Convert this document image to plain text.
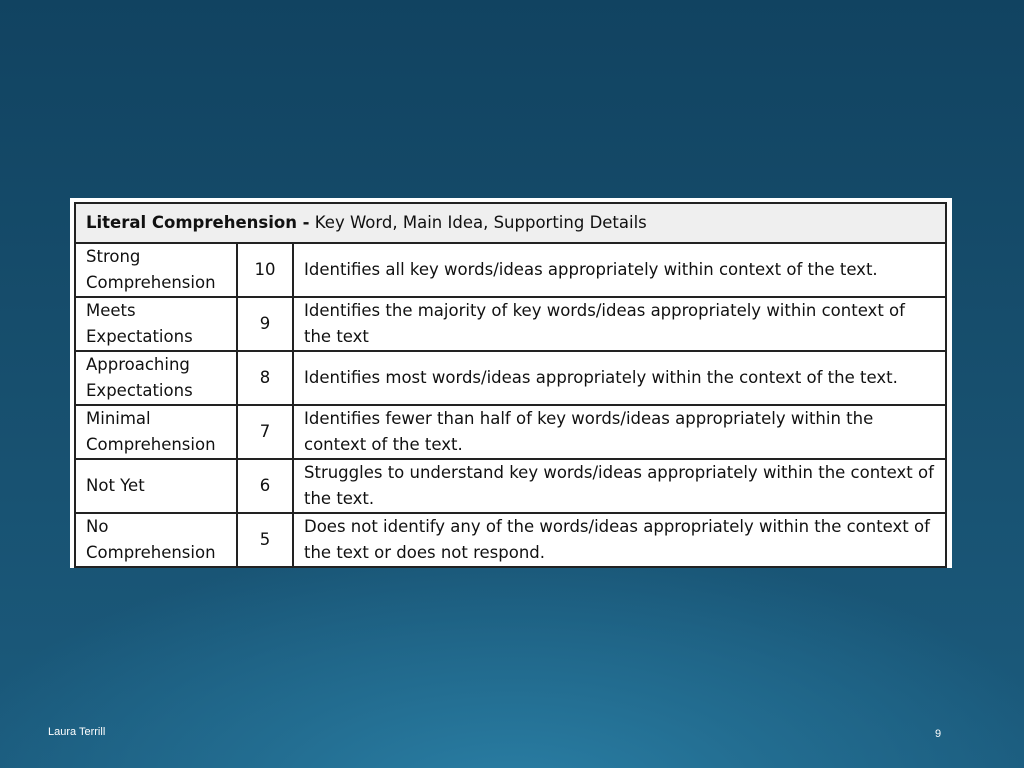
Literal Comprehension - Key Word, Main Idea, Supporting Details		
Strong Comprehension	10	Identifies all key words/ideas appropriately within context of the text.
Meets Expectations	9	Identifies the majority of key words/ideas appropriately within context of the text
Approaching Expectations	8	Identifies most words/ideas appropriately within the context of the text.
Minimal Comprehension	7	Identifies fewer than half of key words/ideas appropriately within the context of the text.
Not Yet	6	Struggles to understand key words/ideas appropriately within the context of the text.
No Comprehension	5	Does not identify any of the words/ideas appropriately within the context of the text or does not respond.
Laura Terrill	9
